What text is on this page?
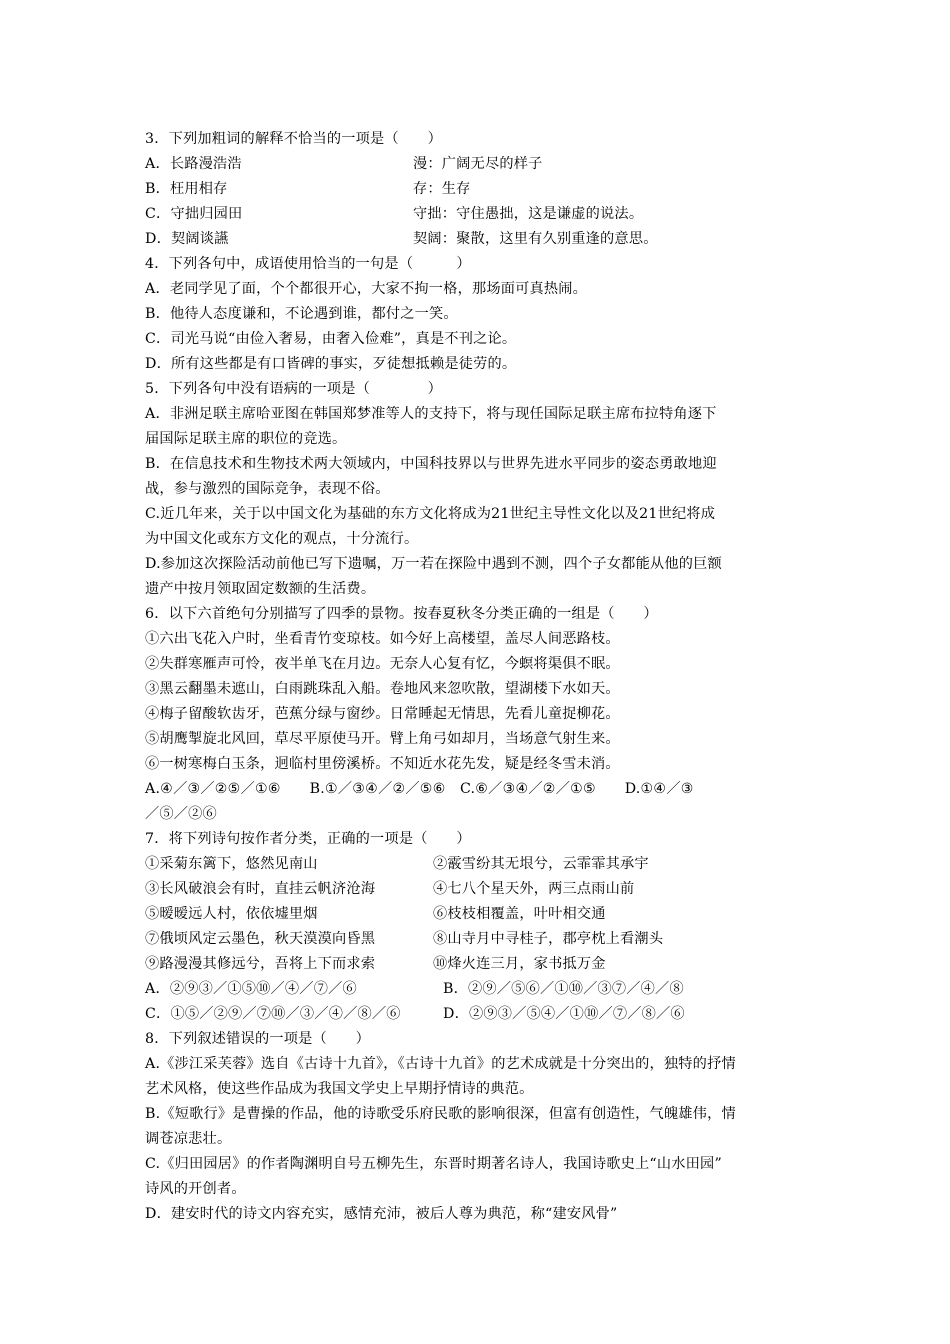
3．下列加粗词的解释不恰当的一项是（　　）
A．长路漫浩浩	漫：广阔无尽的样子
B．枉用相存	存：生存
C．守拙归园田	守拙：守住愚拙，这是谦虚的说法。
D．契阔谈讌	契阔：聚散，这里有久别重逢的意思。
4．下列各句中，成语使用恰当的一句是（　　　）
A．老同学见了面，个个都很开心，大家不拘一格，那场面可真热闹。
B．他待人态度谦和，不论遇到谁，都付之一笑。
C．司光马说“由俭入奢易，由奢入俭难”，真是不刊之论。
D．所有这些都是有口皆碑的事实，歹徒想抵赖是徒劳的。
5．下列各句中没有语病的一项是（　　　　）
A．非洲足联主席哈亚图在韩国郑梦准等人的支持下，将与现任国际足联主席布拉特角逐下
届国际足联主席的职位的竞选。
B．在信息技术和生物技术两大领域内，中国科技界以与世界先进水平同步的姿态勇敢地迎
战，参与激烈的国际竞争，表现不俗。
C.近几年来，关于以中国文化为基础的东方文化将成为21世纪主导性文化以及21世纪将成
为中国文化或东方文化的观点，十分流行。
D.参加这次探险活动前他已写下遗嘱，万一若在探险中遇到不测，四个子女都能从他的巨额
遗产中按月领取固定数额的生活费。
6．以下六首绝句分别描写了四季的景物。按春夏秋冬分类正确的一组是（　　）
①六出飞花入户时，坐看青竹变琼枝。如今好上高楼望，盖尽人间恶路枝。
②失群寒雁声可怜，夜半单飞在月边。无奈人心复有忆，今螟将渠俱不眠。
③黑云翻墨未遮山，白雨跳珠乱入船。卷地风来忽吹散，望湖楼下水如天。
④梅子留酸软齿牙，芭蕉分绿与窗纱。日常睡起无情思，先看儿童捉柳花。
⑤胡鹰掣旋北风回，草尽平原使马开。臂上角弓如却月，当场意气射生来。
⑥一树寒梅白玉条，迥临村里傍溪桥。不知近水花先发，疑是经冬雪未消。
A.④／③／②⑤／①⑥　　B.①／③④／②／⑤⑥　C.⑥／③④／②／①⑤　　D.①④／③
／⑤／②⑥
7．将下列诗句按作者分类，正确的一项是（　　）
①采菊东篱下，悠然见南山	②霰雪纷其无垠兮，云霏霏其承宇
③长风破浪会有时，直挂云帆济沧海	④七八个星天外，两三点雨山前
⑤暧暧远人村，依依墟里烟	⑥枝枝相覆盖，叶叶相交通
⑦俄顷风定云墨色，秋天漠漠向昏黑	⑧山寺月中寻桂子，郡亭枕上看潮头
⑨路漫漫其修远兮，吾将上下而求索	⑩烽火连三月，家书抵万金
A．②⑨③／①⑤⑩／④／⑦／⑥	B．②⑨／⑤⑥／①⑩／③⑦／④／⑧
C．①⑤／②⑨／⑦⑩／③／④／⑧／⑥	D．②⑨③／⑤④／①⑩／⑦／⑧／⑥
8．下列叙述错误的一项是（　　）
A.《涉江采芙蓉》选自《古诗十九首》，《古诗十九首》的艺术成就是十分突出的，独特的抒情
艺术风格，使这些作品成为我国文学史上早期抒情诗的典范。
B.《短歌行》是曹操的作品，他的诗歌受乐府民歌的影响很深，但富有创造性，气魄雄伟，情
调苍凉悲壮。
C.《归田园居》的作者陶渊明自号五柳先生，东晋时期著名诗人，我国诗歌史上“山水田园”
诗风的开创者。
D．建安时代的诗文内容充实，感情充沛，被后人尊为典范，称“建安风骨”
